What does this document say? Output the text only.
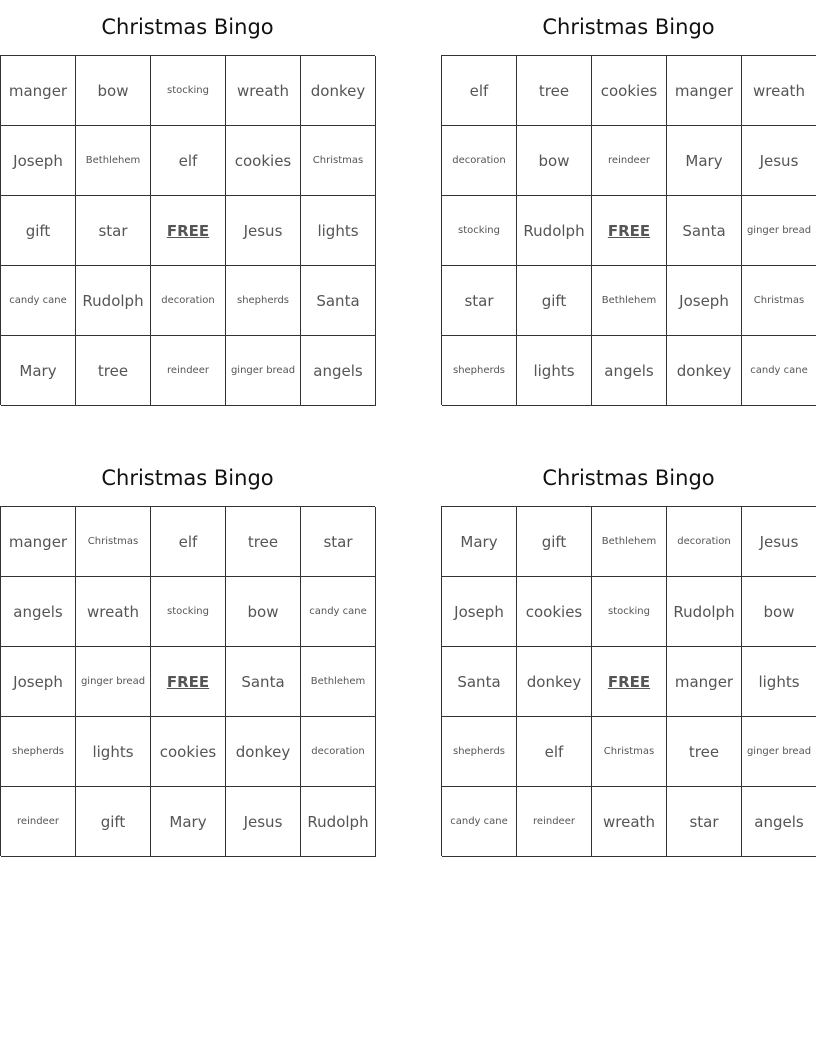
Christmas Bingo
manger	bow	stocking	wreath	donkey
Joseph	Bethlehem	elf	cookies	Christmas
gift	star	FREE	Jesus	lights
candy cane	Rudolph	decoration	shepherds	Santa
Mary	tree	reindeer	ginger bread	angels
Christmas Bingo
elf	tree	cookies	manger	wreath
decoration	bow	reindeer	Mary	Jesus
stocking	Rudolph	FREE	Santa	ginger bread
star	gift	Bethlehem	Joseph	Christmas
shepherds	lights	angels	donkey	candy cane
Christmas Bingo
manger	Christmas	elf	tree	star
angels	wreath	stocking	bow	candy cane
Joseph	ginger bread	FREE	Santa	Bethlehem
shepherds	lights	cookies	donkey	decoration
reindeer	gift	Mary	Jesus	Rudolph
Christmas Bingo
Mary	gift	Bethlehem	decoration	Jesus
Joseph	cookies	stocking	Rudolph	bow
Santa	donkey	FREE	manger	lights
shepherds	elf	Christmas	tree	ginger bread
candy cane	reindeer	wreath	star	angels
